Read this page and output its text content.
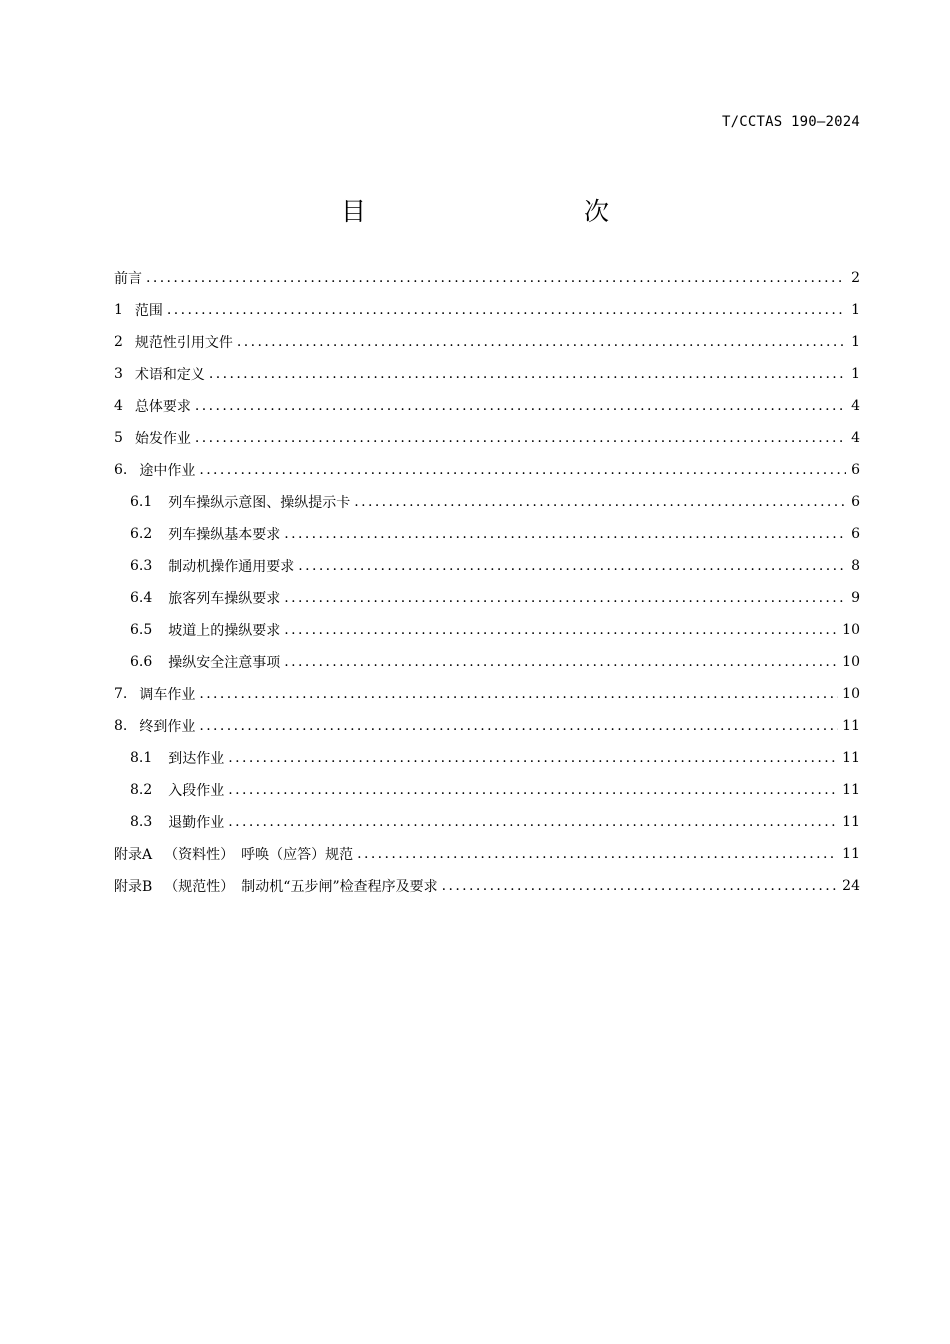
T/CCTAS 190—2024
目　　次
前言 .....	2
1 范围 .....	1
2 规范性引用文件 .....	1
3 术语和定义 .....	1
4 总体要求 .....	4
5 始发作业 .....	4
6. 途中作业 .....	6
6.1 列车操纵示意图、操纵提示卡 .....	6
6.2 列车操纵基本要求 .....	6
6.3 制动机操作通用要求 .....	8
6.4 旅客列车操纵要求 .....	9
6.5 坡道上的操纵要求 .....	10
6.6 操纵安全注意事项 .....	10
7. 调车作业 .....	10
8. 终到作业 .....	11
8.1 到达作业 .....	11
8.2 入段作业 .....	11
8.3 退勤作业 .....	11
附录A （资料性）　呼唤（应答）规范 .....	11
附录B （规范性）　制动机“五步闸”检查程序及要求 .....	24
